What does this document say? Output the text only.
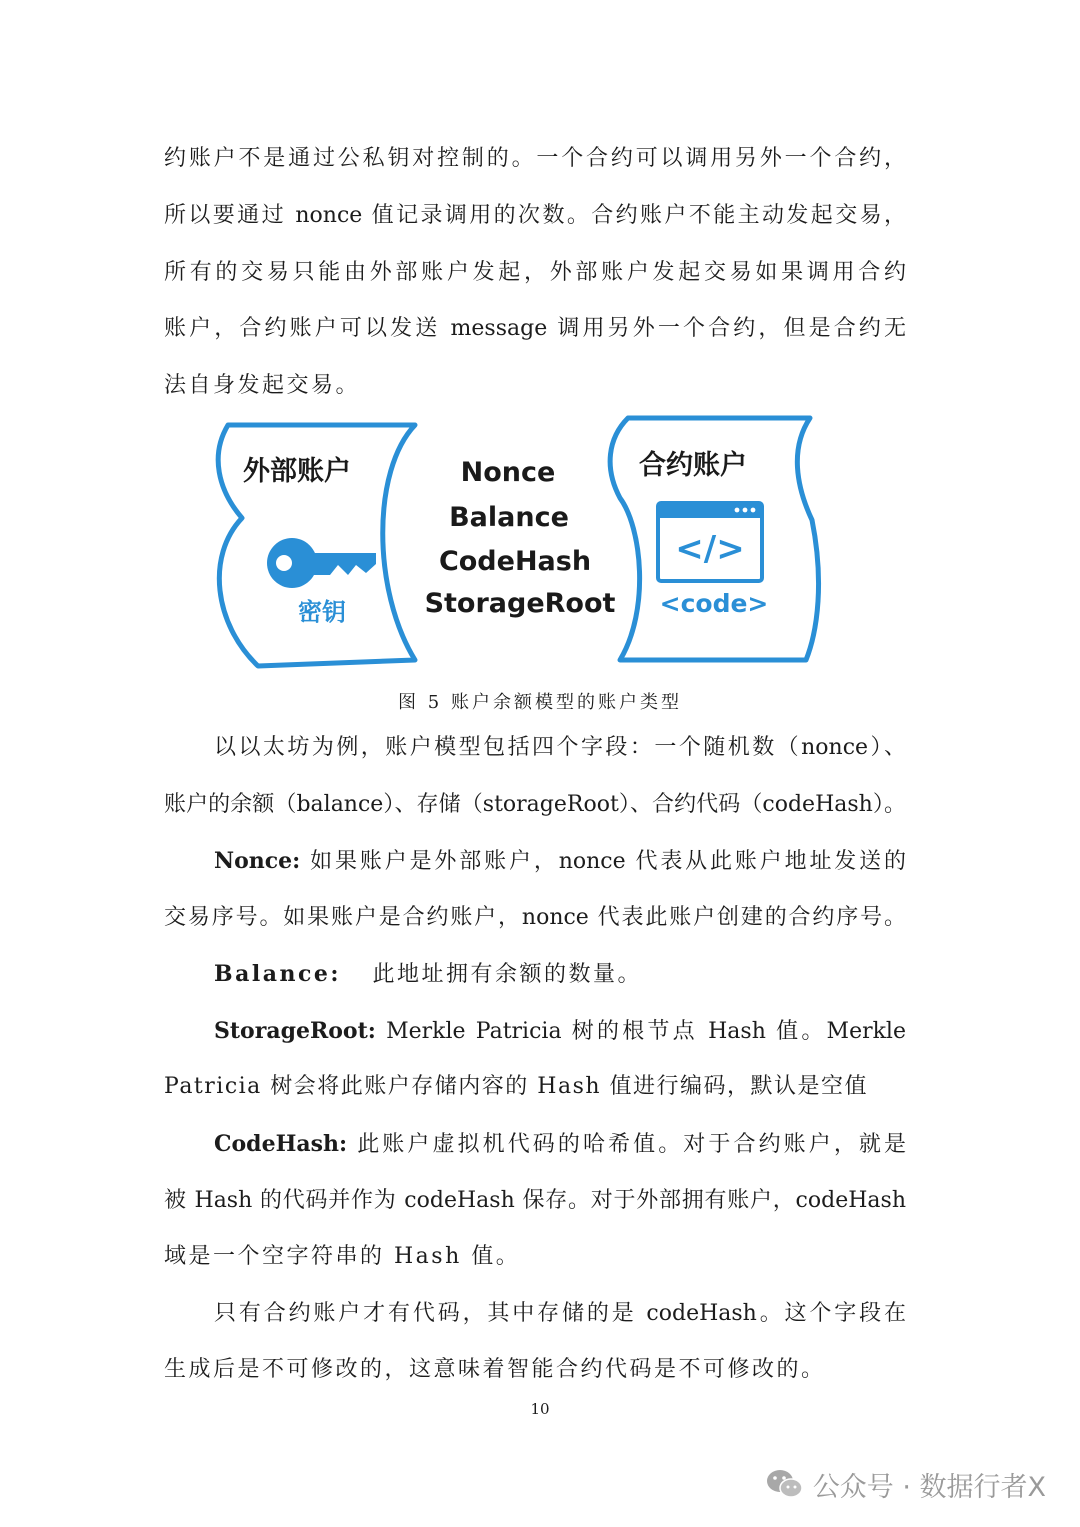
约账户不是通过公私钥对控制的。一个合约可以调用另外一个合约，
所以要通过 nonce 值记录调用的次数。合约账户不能主动发起交易，
所有的交易只能由外部账户发起，外部账户发起交易如果调用合约
账户，合约账户可以发送 message 调用另外一个合约，但是合约无
法自身发起交易。
外部账户
密钥
Nonce
Balance
CodeHash
StorageRoot
合约账户
</>
<code>
图 5 账户余额模型的账户类型
以以太坊为例，账户模型包括四个字段：一个随机数（nonce）、
账户的余额（balance）、存储（storageRoot）、合约代码（codeHash）。
Nonce: 如果账户是外部账户，nonce 代表从此账户地址发送的
交易序号。如果账户是合约账户，nonce 代表此账户创建的合约序号。
Balance: 此地址拥有余额的数量。
StorageRoot: Merkle Patricia 树的根节点 Hash 值。Merkle
Patricia 树会将此账户存储内容的 Hash 值进行编码，默认是空值
CodeHash: 此账户虚拟机代码的哈希值。对于合约账户，就是
被 Hash 的代码并作为 codeHash 保存。对于外部拥有账户，codeHash
域是一个空字符串的 Hash 值。
只有合约账户才有代码，其中存储的是 codeHash。这个字段在
生成后是不可修改的，这意味着智能合约代码是不可修改的。
10
公众号 · 数据行者X
